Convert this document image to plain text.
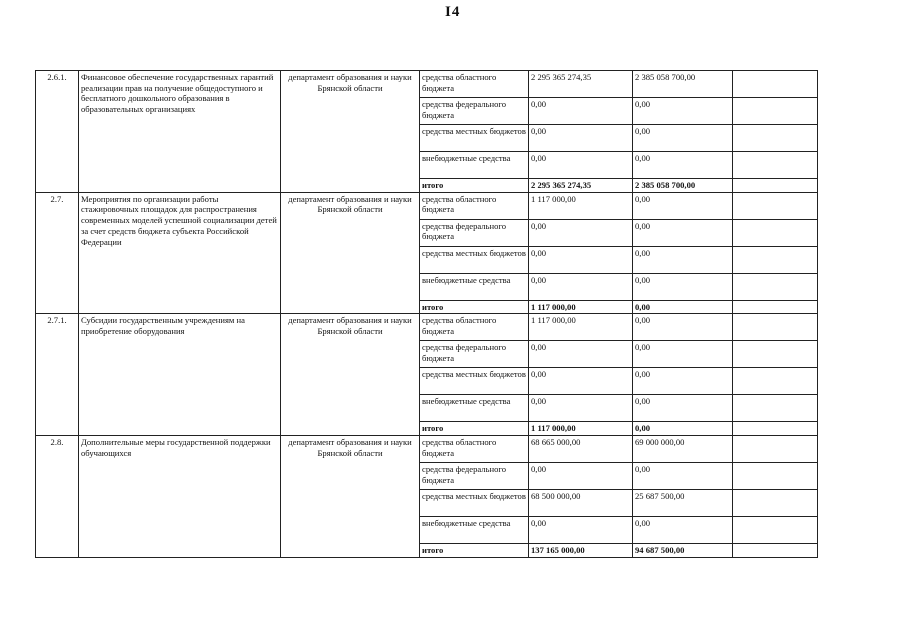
I4
2.6.1.	Финансовое обеспечение государственных гарантий реализации прав на получение общедоступного и бесплатного дошкольного образования в образовательных организациях	департамент образования и науки Брянской области	средства областного бюджета	2 295 365 274,35	2 385 058 700,00	
			средства федерального бюджета	0,00	0,00	
			средства местных бюджетов	0,00	0,00	
			внебюджетные средства	0,00	0,00	
			итого	2 295 365 274,35	2 385 058 700,00	
2.7.	Мероприятия по организации работы стажировочных площадок для распространения современных моделей успешной социализации детей за счет средств бюджета субъекта Российской Федерации	департамент образования и науки Брянской области	средства областного бюджета	1 117 000,00	0,00	
			средства федерального бюджета	0,00	0,00	
			средства местных бюджетов	0,00	0,00	
			внебюджетные средства	0,00	0,00	
			итого	1 117 000,00	0,00	
2.7.1.	Субсидии государственным учреждениям на приобретение оборудования	департамент образования и науки Брянской области	средства областного бюджета	1 117 000,00	0,00	
			средства федерального бюджета	0,00	0,00	
			средства местных бюджетов	0,00	0,00	
			внебюджетные средства	0,00	0,00	
			итого	1 117 000,00	0,00	
2.8.	Дополнительные меры государственной поддержки обучающихся	департамент образования и науки Брянской области	средства областного бюджета	68 665 000,00	69 000 000,00	
			средства федерального бюджета	0,00	0,00	
			средства местных бюджетов	68 500 000,00	25 687 500,00	
			внебюджетные средства	0,00	0,00	
			итого	137 165 000,00	94 687 500,00	
